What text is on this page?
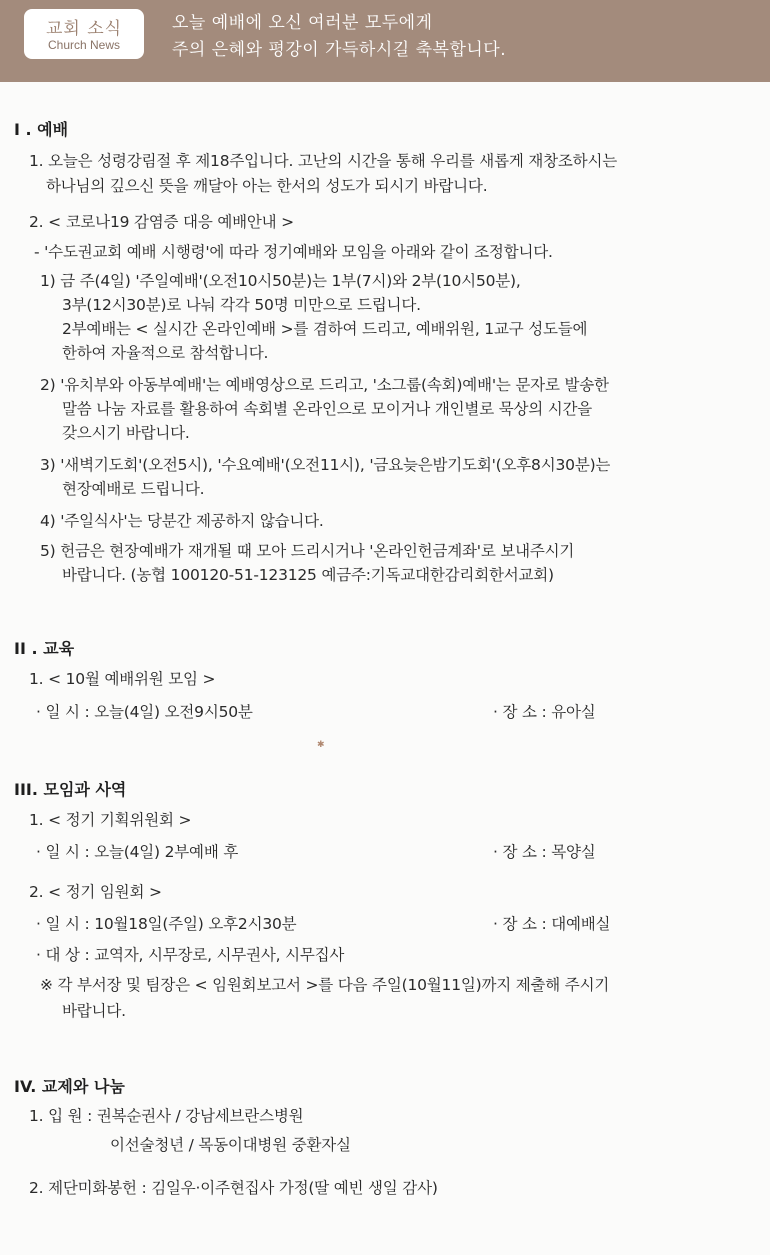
교회 소식
Church News
오늘 예배에 오신 여러분 모두에게
주의 은혜와 평강이 가득하시길 축복합니다.
I . 예배
1. 오늘은 성령강림절 후 제18주입니다. 고난의 시간을 통해 우리를 새롭게 재창조하시는
하나님의 깊으신 뜻을 깨달아 아는 한서의 성도가 되시기 바랍니다.
2. < 코로나19 감염증 대응 예배안내 >
- '수도권교회 예배 시행령'에 따라 정기예배와 모임을 아래와 같이 조정합니다.
1) 금 주(4일) '주일예배'(오전10시50분)는 1부(7시)와 2부(10시50분),
3부(12시30분)로 나눠 각각 50명 미만으로 드립니다.
2부예배는 < 실시간 온라인예배 >를 겸하여 드리고, 예배위원, 1교구 성도들에
한하여 자율적으로 참석합니다.
2) '유치부와 아동부예배'는 예배영상으로 드리고, '소그룹(속회)예배'는 문자로 발송한
말씀 나눔 자료를 활용하여 속회별 온라인으로 모이거나 개인별로 묵상의 시간을
갖으시기 바랍니다.
3) '새벽기도회'(오전5시), '수요예배'(오전11시), '금요늦은밤기도회'(오후8시30분)는
현장예배로 드립니다.
4) '주일식사'는 당분간 제공하지 않습니다.
5) 헌금은 현장예배가 재개될 때 모아 드리시거나 '온라인헌금계좌'로 보내주시기
바랍니다. (농협 100120-51-123125 예금주:기독교대한감리회한서교회)
II . 교육
1. < 10월 예배위원 모임 >
· 일 시 : 오늘(4일) 오전9시50분	· 장 소 : 유아실
✱
III. 모임과 사역
1. < 정기 기획위원회 >
· 일 시 : 오늘(4일) 2부예배 후	· 장 소 : 목양실
2. < 정기 임원회 >
· 일 시 : 10월18일(주일) 오후2시30분	· 장 소 : 대예배실
· 대 상 : 교역자, 시무장로, 시무권사, 시무집사
※ 각 부서장 및 팀장은 < 임원회보고서 >를 다음 주일(10월11일)까지 제출해 주시기
바랍니다.
IV. 교제와 나눔
1. 입 원 : 권복순권사 / 강남세브란스병원
이선술청년 / 목동이대병원 중환자실
2. 제단미화봉헌 : 김일우·이주현집사 가정(딸 예빈 생일 감사)
